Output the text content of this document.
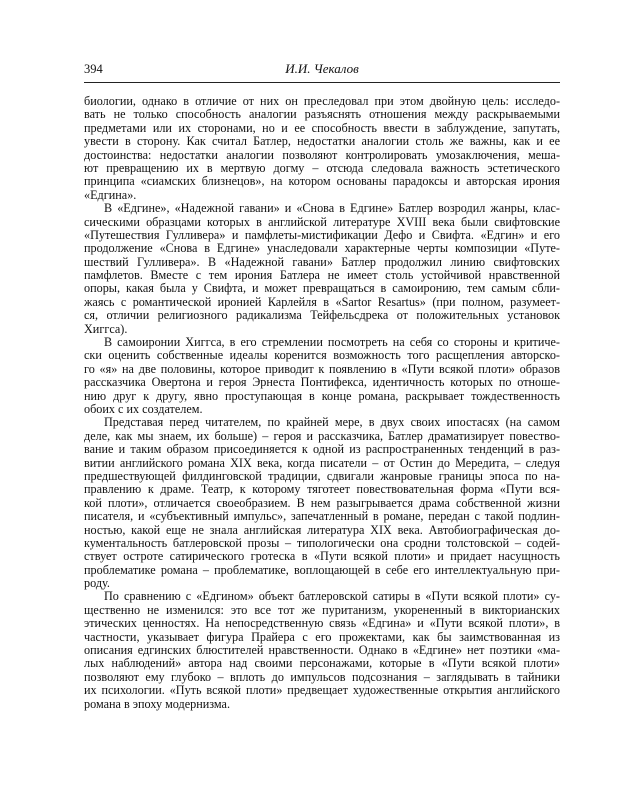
394	И.И. Чекалов
биологии, однако в отличие от них он преследовал при этом двойную цель: исследо-
вать не только способность аналогии разъяснять отношения между раскрываемыми
предметами или их сторонами, но и ее способность ввести в заблуждение, запутать,
увести в сторону. Как считал Батлер, недостатки аналогии столь же важны, как и ее
достоинства: недостатки аналогии позволяют контролировать умозаключения, меша-
ют превращению их в мертвую догму – отсюда следовала важность эстетического
принципа «сиамских близнецов», на котором основаны парадоксы и авторская ирония
«Едгина».
В «Едгине», «Надежной гавани» и «Снова в Едгине» Батлер возродил жанры, клас-
сическими образцами которых в английской литературе XVIII века были свифтовские
«Путешествия Гулливера» и памфлеты-мистификации Дефо и Свифта. «Едгин» и его
продолжение «Снова в Едгине» унаследовали характерные черты композиции «Путе-
шествий Гулливера». В «Надежной гавани» Батлер продолжил линию свифтовских
памфлетов. Вместе с тем ирония Батлера не имеет столь устойчивой нравственной
опоры, какая была у Свифта, и может превращаться в самоиронию, тем самым сбли-
жаясь с романтической иронией Карлейля в «Sartor Resartus» (при полном, разумеет-
ся, отличии религиозного радикализма Тейфельсдрека от положительных установок
Хиггса).
В самоиронии Хиггса, в его стремлении посмотреть на себя со стороны и критиче-
ски оценить собственные идеалы коренится возможность того расщепления авторско-
го «я» на две половины, которое приводит к появлению в «Пути всякой плоти» образов
рассказчика Овертона и героя Эрнеста Понтифекса, идентичность которых по отноше-
нию друг к другу, явно проступающая в конце романа, раскрывает тождественность
обоих с их создателем.
Представая перед читателем, по крайней мере, в двух своих ипостасях (на самом
деле, как мы знаем, их больше) – героя и рассказчика, Батлер драматизирует повество-
вание и таким образом присоединяется к одной из распространенных тенденций в раз-
витии английского романа XIX века, когда писатели – от Остин до Мередита, – следуя
предшествующей филдинговской традиции, сдвигали жанровые границы эпоса по на-
правлению к драме. Театр, к которому тяготеет повествовательная форма «Пути вся-
кой плоти», отличается своеобразием. В нем разыгрывается драма собственной жизни
писателя, и «субъективный импульс», запечатленный в романе, передан с такой подлин-
ностью, какой еще не знала английская литература XIX века. Автобиографическая до-
кументальность батлеровской прозы – типологически она сродни толстовской – содей-
ствует остроте сатирического гротеска в «Пути всякой плоти» и придает насущность
проблематике романа – проблематике, воплощающей в себе его интеллектуальную при-
роду.
По сравнению с «Едгином» объект батлеровской сатиры в «Пути всякой плоти» су-
щественно не изменился: это все тот же пуританизм, укорененный в викторианских
этических ценностях. На непосредственную связь «Едгина» и «Пути всякой плоти», в
частности, указывает фигура Прайера с его прожектами, как бы заимствованная из
описания едгинских блюстителей нравственности. Однако в «Едгине» нет поэтики «ма-
лых наблюдений» автора над своими персонажами, которые в «Пути всякой плоти»
позволяют ему глубоко – вплоть до импульсов подсознания – заглядывать в тайники
их психологии. «Путь всякой плоти» предвещает художественные открытия английского
романа в эпоху модернизма.
